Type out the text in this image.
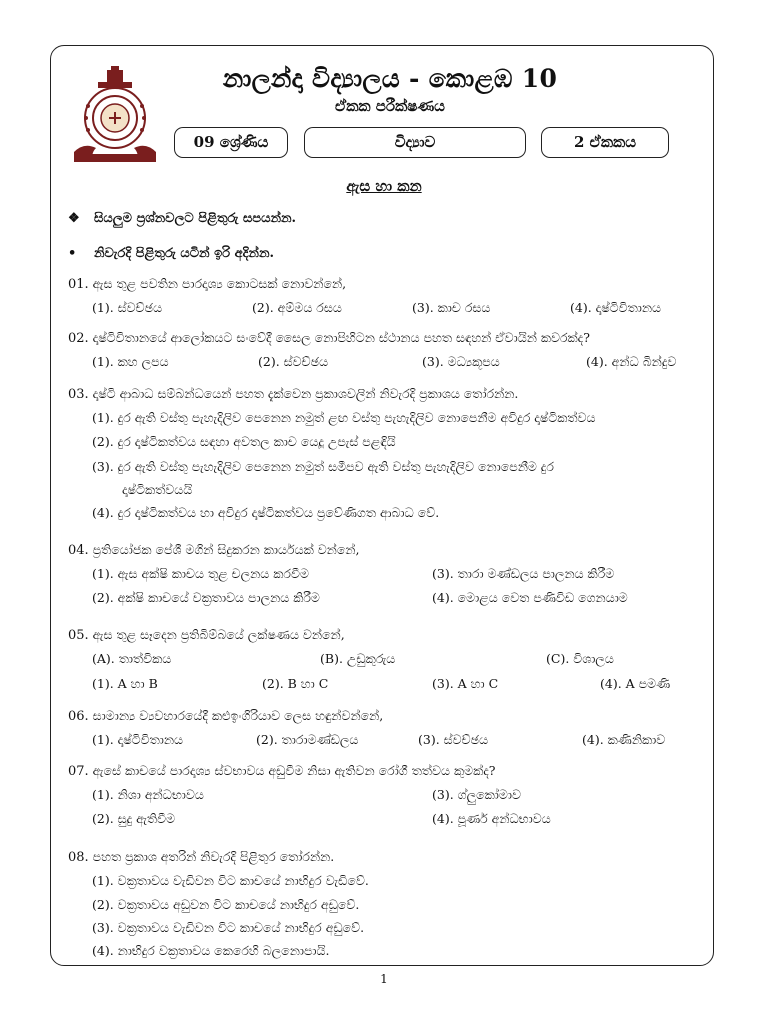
නාලන්දා විද්‍යාලය - කොළඹ 10
ඒකක පරීක්ෂණය
09 ශ්‍රේණිය	විද්‍යාව	2 ඒකකය
ඇස හා කන
❖ සියලුම ප්‍රශ්නවලට පිළිතුරු සපයන්න.
• නිවැරදි පිළිතුරු යටින් ඉරි අදින්න.
01. ඇස තුළ පවතින පාරදෘශ්‍ය කොටසක් නොවන්නේ,
(1). ස්වච්ඡය	(2). අම්මය රසය	(3). කාච රසය	(4). දෘෂ්ටිවිතානය
02. දෘෂ්ටිවිතානයේ ආලෝකයට සංවේදී සෛල නොපිහිටන ස්ථානය පහත සඳහන් ඒවායින් කවරක්ද?
(1). කහ ලපය	(2). ස්වච්ඡය	(3). මධ්‍යකූපය	(4). අන්ධ බින්දුව
03. දෘෂ්ටි ආබාධ සම්බන්ධයෙන් පහත දැක්වෙන ප්‍රකාශවලින් නිවැරදි ප්‍රකාශය තෝරන්න.
(1). දුර ඇති වස්තු පැහැදිලිව පෙනෙන නමුත් ළඟ වස්තු පැහැදිලිව නොපෙනීම අවිදුර දෘෂ්ටිකත්වය
(2). දුර දෘෂ්ටිකත්වය සඳහා අවතල කාච යෙදූ උපැස් පළඳියි
(3). දුර ඇති වස්තු පැහැදිලිව පෙනෙන නමුත් සමීපව ඇති වස්තු පැහැදිලිව නොපෙනීම දුර
දෘෂ්ටිකත්වයයි
(4). දුර දෘෂ්ටිකත්වය හා අවිදුර දෘෂ්ටිකත්වය ප්‍රවේණිගත ආබාධ වේ.
04. ප්‍රතියෝජක පේශී මගින් සිදුකරන කාර්යයක් වන්නේ,
(1). ඇස අක්ෂි කාචය තුළ චලනය කරවීම	(3). තාරා මණ්ඩලය පාලනය කිරීම
(2). අක්ෂි කාචයේ වක්‍රතාවය පාලනය කිරීම	(4). මොළය වෙත පණිවිඩ ගෙනයාම
05. ඇස තුළ සෑදෙන ප්‍රතිබිම්බයේ ලක්ෂණය වන්නේ,
(A). තාත්විකය	(B). උඩුකුරුය	(C). විශාලය
(1). A හා B	(2). B හා C	(3). A හා C	(4). A පමණි
06. සාමාන්‍ය ව්‍යවහාරයේදී කළුඉංගිරියාව ලෙස හඳුන්වන්නේ,
(1). දෘෂ්ටිවිතානය	(2). තාරාමණ්ඩලය	(3). ස්වච්ඡය	(4). කණිනිකාව
07. ඇසේ කාචයේ පාරදෘශ්‍ය ස්වභාවය අඩුවීම නිසා ඇතිවන රෝගී තත්වය කුමක්ද?
(1). නිශා අන්ධභාවය	(3). ග්ලුකෝමාව
(2). සුදු ඇතිවීම	(4). පූර්ණ අන්ධභාවය
08. පහත ප්‍රකාශ අතරින් නිවැරදි පිළිතුර තෝරන්න.
(1). වක්‍රතාවය වැඩිවන විට කාචයේ නාභිදුර වැඩිවේ.
(2). වක්‍රතාවය අඩුවන විට කාචයේ නාභිදුර අඩුවේ.
(3). වක්‍රතාවය වැඩිවන විට කාචයේ නාභිදුර අඩුවේ.
(4). නාභිදුර වක්‍රතාවය කෙරෙහි බලනොපායි.
1
